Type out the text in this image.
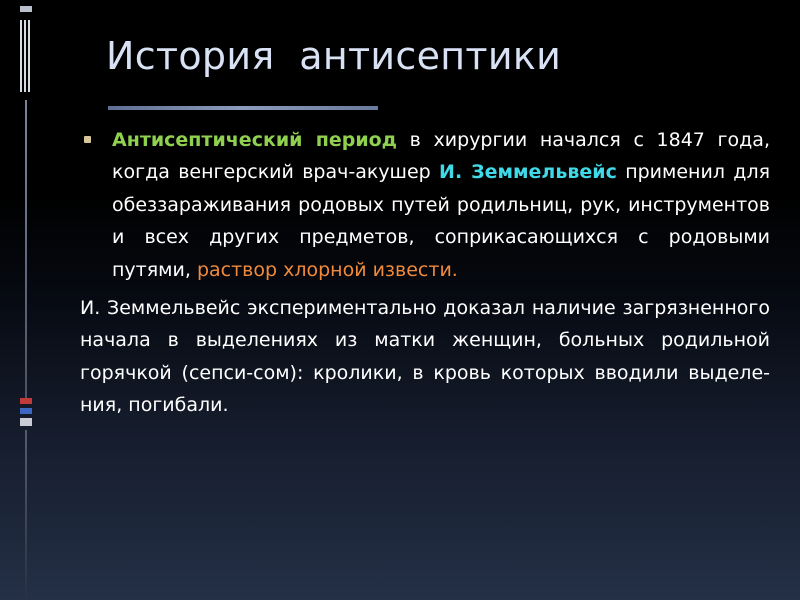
История  антисептики

Антисептический период в хирургии начался с 1847 года, когда венгерский врач-акушер И. Земмельвейс применил для обеззараживания родовых путей родильниц, рук, инструментов и всех других предметов, соприкасающихся с родовыми путями, раствор хлорной извести.

И. Земмельвейс экспериментально доказал наличие загрязненного начала в выделениях из матки женщин, больных родильной горячкой (сепси-сом): кролики, в кровь которых вводили выделе-ния, погибали.
